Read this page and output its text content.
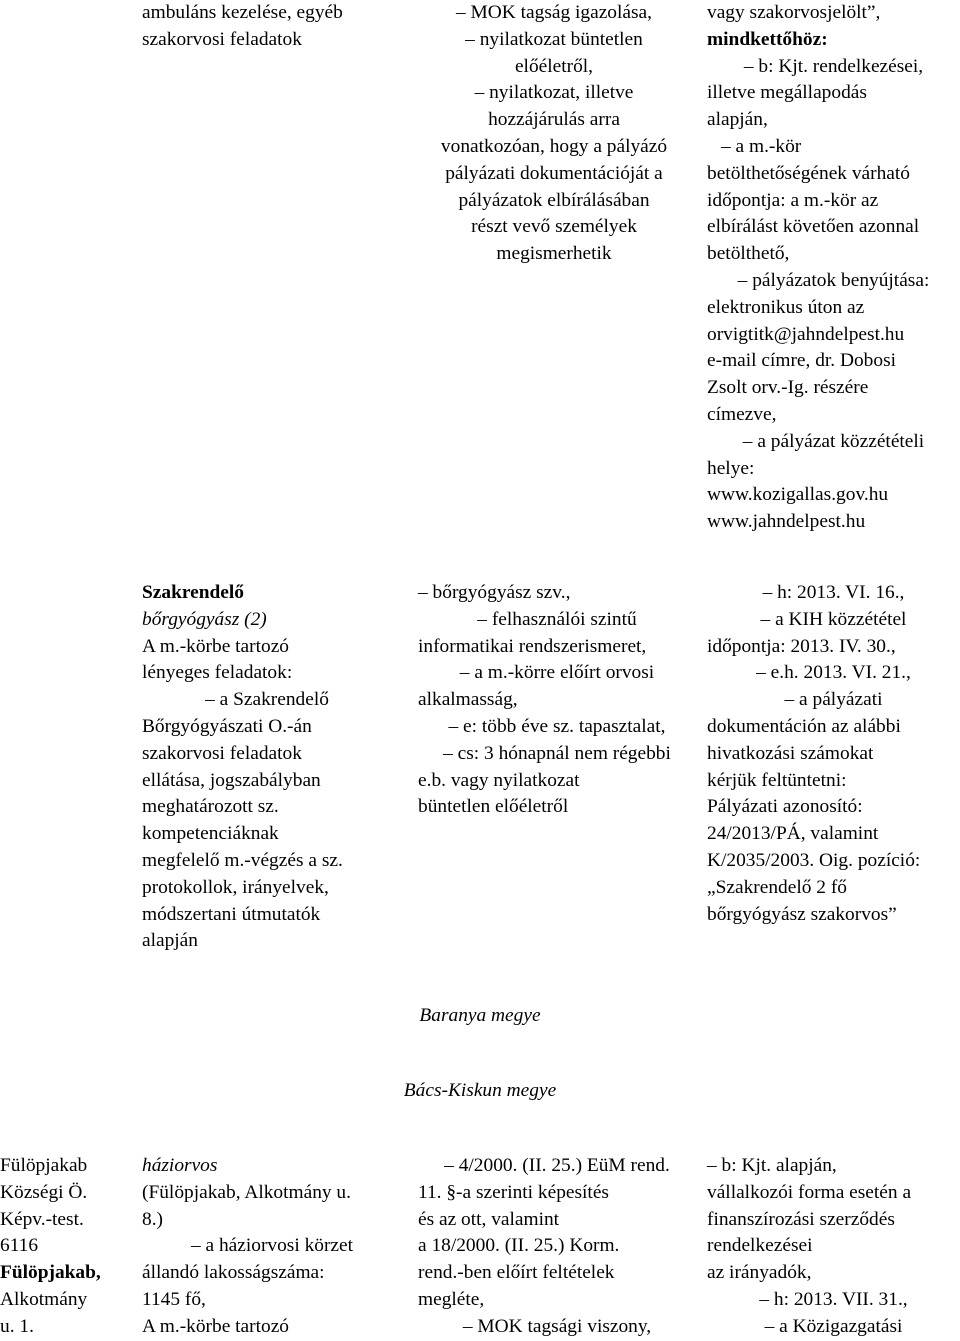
ambuláns kezelése, egyéb
szakorvosi feladatok
– MOK tagság igazolása,
– nyilatkozat büntetlen
előéletről,
– nyilatkozat, illetve
hozzájárulás arra
vonatkozóan, hogy a pályázó
pályázati dokumentációját a
pályázatok elbírálásában
részt vevő személyek
megismerhetik
vagy szakorvosjelölt”,
mindkettőhöz:
– b: Kjt. rendelkezései,
illetve megállapodás
alapján,
– a m.-kör
betölthetőségének várható
időpontja: a m.-kör az
elbírálást követően azonnal
betölthető,
– pályázatok benyújtása:
elektronikus úton az
orvigtitk@jahndelpest.hu
e-mail címre, dr. Dobosi
Zsolt orv.-Ig. részére
címezve,
– a pályázat közzétételi
helye:
www.kozigallas.gov.hu
www.jahndelpest.hu
Szakrendelő
bőrgyógyász (2)
A m.-körbe tartozó
lényeges feladatok:
– a Szakrendelő
Bőrgyógyászati O.-án
szakorvosi feladatok
ellátása, jogszabályban
meghatározott sz.
kompetenciáknak
megfelelő m.-végzés a sz.
protokollok, irányelvek,
módszertani útmutatók
alapján
– bőrgyógyász szv.,
– felhasználói szintű
informatikai rendszerismeret,
– a m.-körre előírt orvosi
alkalmasság,
– e: több éve sz. tapasztalat,
– cs: 3 hónapnál nem régebbi
e.b. vagy nyilatkozat
büntetlen előéletről
– h: 2013. VI. 16.,
– a KIH közzététel
időpontja: 2013. IV. 30.,
– e.h. 2013. VI. 21.,
– a pályázati
dokumentáción az alábbi
hivatkozási számokat
kérjük feltüntetni:
Pályázati azonosító:
24/2013/PÁ, valamint
K/2035/2003. Oig. pozíció:
„Szakrendelő 2 fő
bőrgyógyász szakorvos”
Baranya megye
Bács-Kiskun megye
Fülöpjakab
Községi Ö.
Képv.-test.
6116
Fülöpjakab,
Alkotmány
u. 1.
háziorvos
(Fülöpjakab, Alkotmány u.
8.)
– a háziorvosi körzet
állandó lakosságszáma:
1145 fő,
A m.-körbe tartozó
– 4/2000. (II. 25.) EüM rend.
11. §-a szerinti képesítés
és az ott, valamint
a 18/2000. (II. 25.) Korm.
rend.-ben előírt feltételek
megléte,
– MOK tagsági viszony,
– b: Kjt. alapján,
vállalkozói forma esetén a
finanszírozási szerződés
rendelkezései
az irányadók,
– h: 2013. VII. 31.,
– a Közigazgatási
